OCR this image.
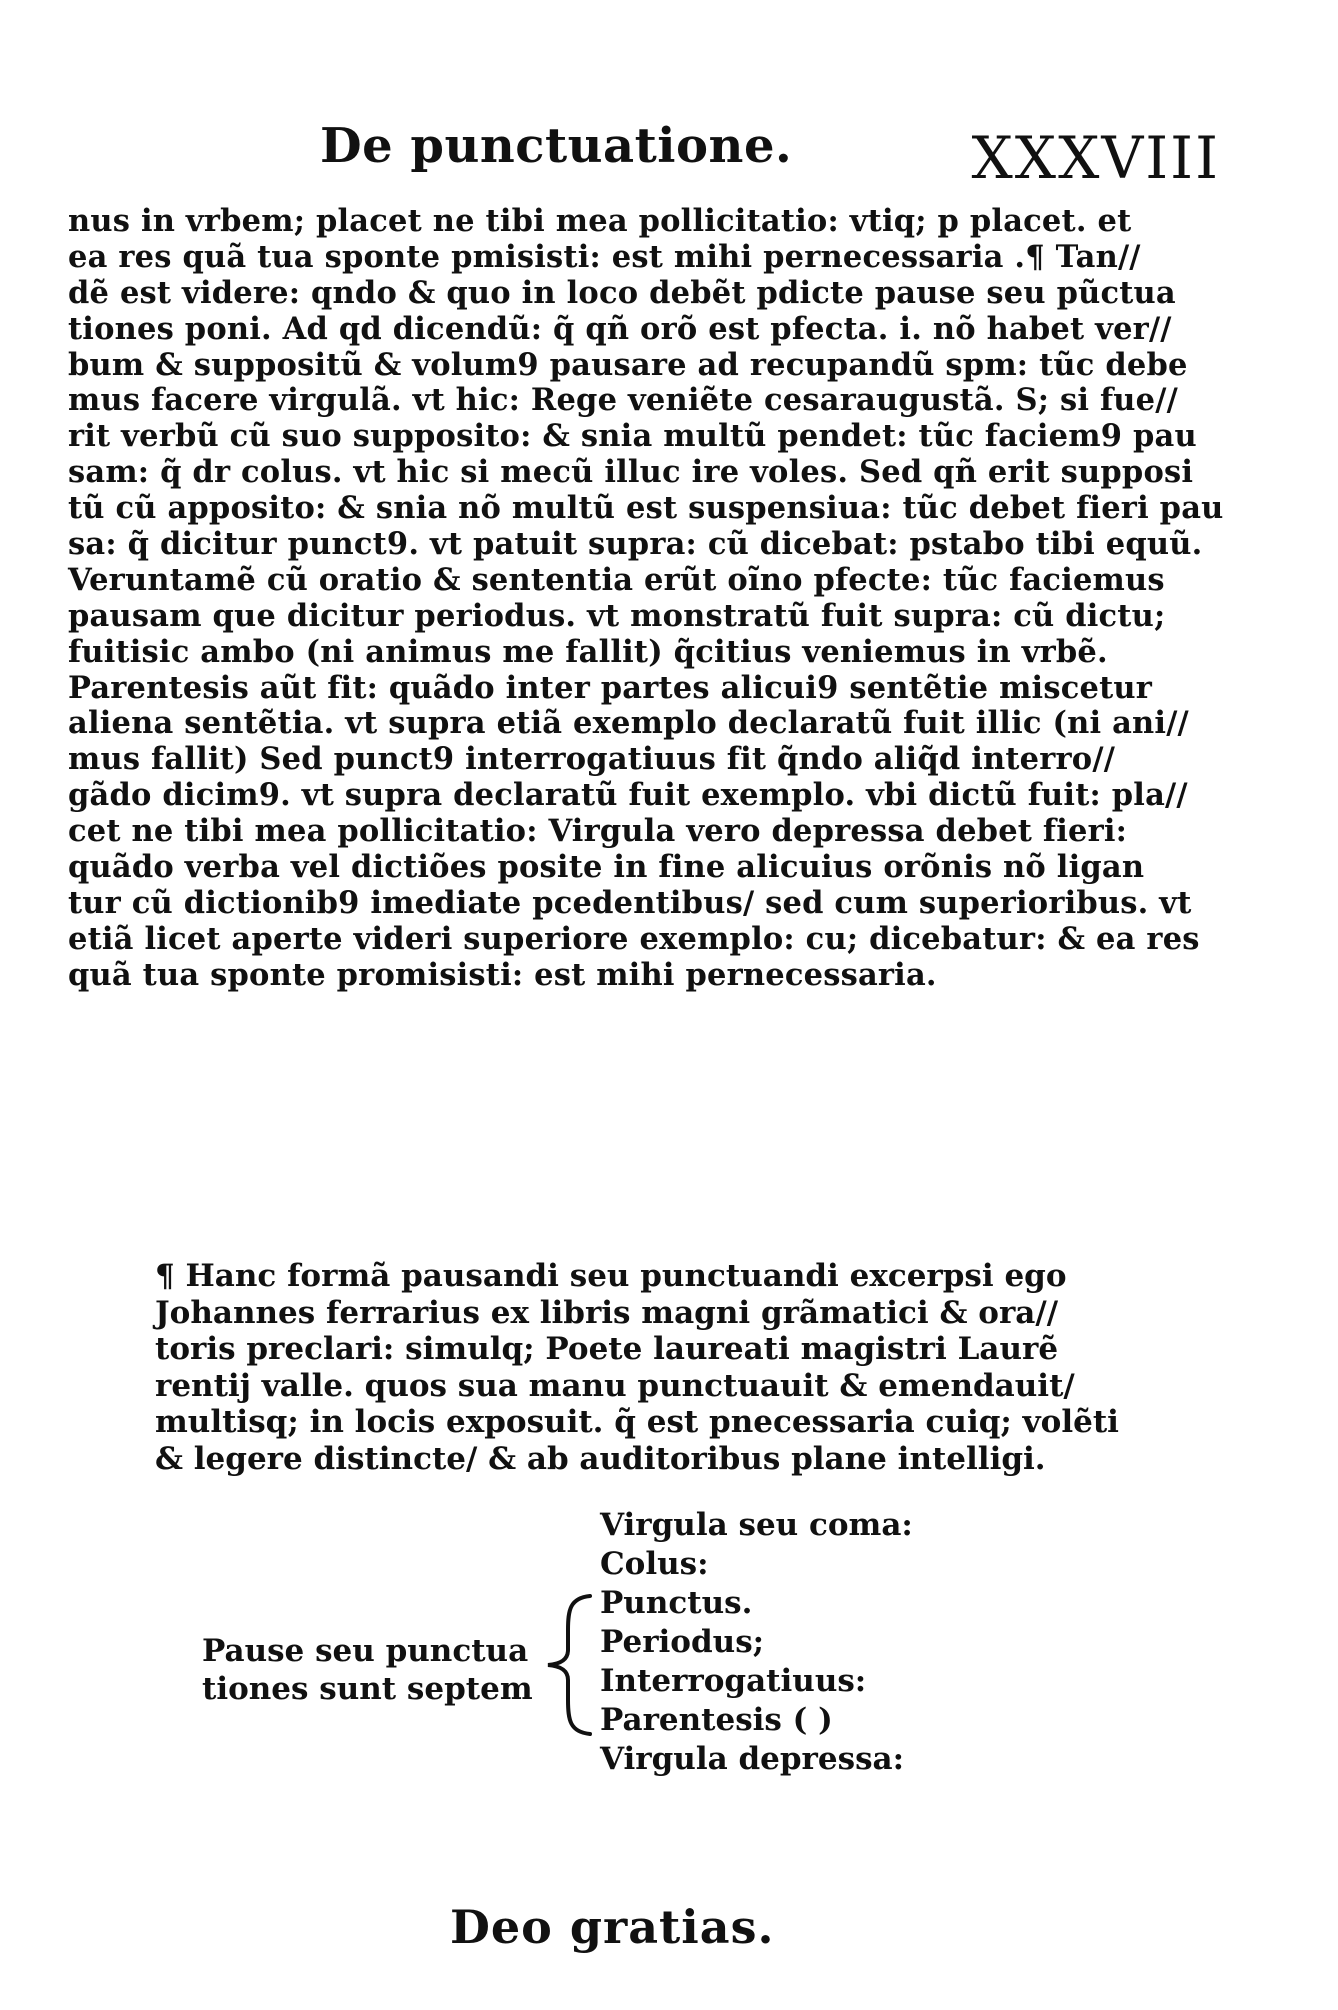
De punctuatione.	XXXVIII
nus in vrbem; placet ne tibi mea pollicitatio: vtiq; p placet. et
ea res quã tua sponte pmisisti: est mihi pernecessaria .¶ Tan//
dẽ est videre: qndo & quo in loco debẽt pdicte pause seu pũctua
tiones poni. Ad qd dicendũ: q̃ qñ orõ est pfecta. i. nõ habet ver//
bum & suppositũ & volum9 pausare ad recupandũ spm: tũc debe
mus facere virgulã. vt hic: Rege veniẽte cesaraugustã. S; si fue//
rit verbũ cũ suo supposito: & snia multũ pendet: tũc faciem9 pau
sam: q̃ dr colus. vt hic si mecũ illuc ire voles. Sed qñ erit supposi
tũ cũ apposito: & snia nõ multũ est suspensiua: tũc debet fieri pau
sa: q̃ dicitur punct9. vt patuit supra: cũ dicebat: pstabo tibi equũ.
Veruntamẽ cũ oratio & sententia erũt oĩno pfecte: tũc faciemus
pausam que dicitur periodus. vt monstratũ fuit supra: cũ dictu;
fuitisic ambo (ni animus me fallit) q̃citius veniemus in vrbẽ.
Parentesis aũt fit: quãdo inter partes alicui9 sentẽtie miscetur
aliena sentẽtia. vt supra etiã exemplo declaratũ fuit illic (ni ani//
mus fallit) Sed punct9 interrogatiuus fit q̃ndo aliq̃d interro//
gãdo dicim9. vt supra declaratũ fuit exemplo. vbi dictũ fuit: pla//
cet ne tibi mea pollicitatio: Virgula vero depressa debet fieri:
quãdo verba vel dictiões posite in fine alicuius orõnis nõ ligan
tur cũ dictionib9 imediate pcedentibus/ sed cum superioribus. vt
etiã licet aperte videri superiore exemplo: cu; dicebatur: & ea res
quã tua sponte promisisti: est mihi pernecessaria.
¶ Hanc formã pausandi seu punctuandi excerpsi ego
Johannes ferrarius ex libris magni grãmatici & ora//
toris preclari: simulq; Poete laureati magistri Laurẽ
rentij valle. quos sua manu punctuauit & emendauit/
multisq; in locis exposuit. q̃ est pnecessaria cuiq; volẽti
& legere distincte/ & ab auditoribus plane intelligi.
Pause seu punctua
tiones sunt septem
Virgula seu coma:
Colus:
Punctus.
Periodus;
Interrogatiuus:
Parentesis ( )
Virgula depressa:
Deo gratias.
